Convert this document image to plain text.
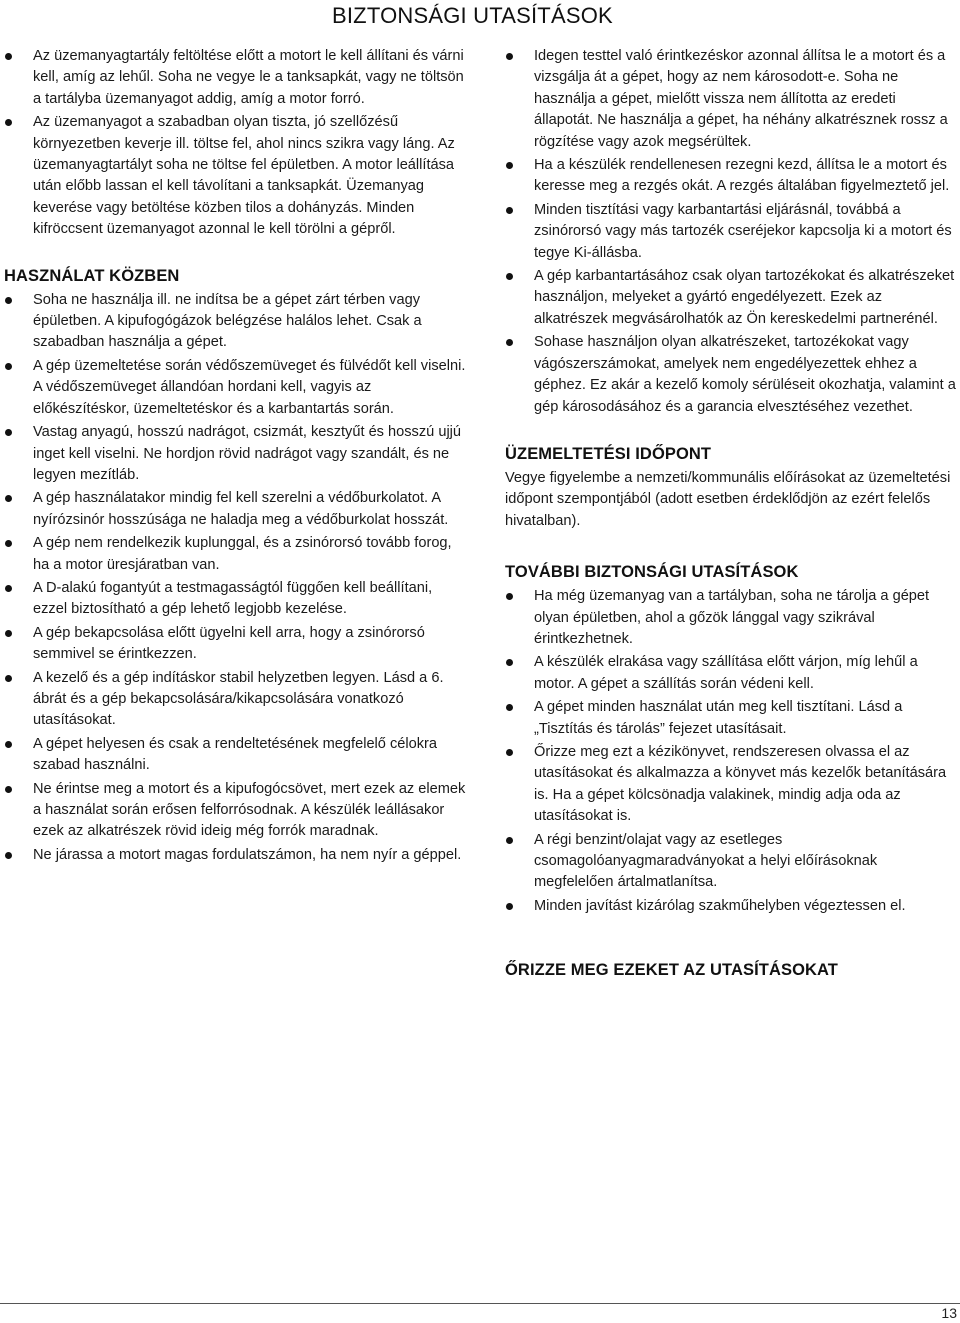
BIZTONSÁGI UTASÍTÁSOK
Az üzemanyagtartály feltöltése előtt a motort le kell állítani és várni kell, amíg az lehűl. Soha ne vegye le a tanksapkát, vagy ne töltsön a tartályba üzemanyagot addig, amíg a motor forró.
Az üzemanyagot a szabadban olyan tiszta, jó szellőzésű környezetben keverje ill. töltse fel, ahol nincs szikra vagy láng. Az üzemanyagtartályt soha ne töltse fel épületben. A motor leállítása után előbb lassan el kell távolítani a tanksapkát. Üzemanyag keverése vagy betöltése közben tilos a dohányzás. Minden kifröccsent üzemanyagot azonnal le kell törölni a gépről.
HASZNÁLAT KÖZBEN
Soha ne használja ill. ne indítsa be a gépet zárt térben vagy épületben. A kipufogógázok belégzése halálos lehet. Csak a szabadban használja a gépet.
A gép üzemeltetése során védőszemüveget és fülvédőt kell viselni. A védőszemüveget állandóan hordani kell, vagyis az előkészítéskor, üzemeltetéskor és a karbantartás során.
Vastag anyagú, hosszú nadrágot, csizmát, kesztyűt és hosszú ujjú inget kell viselni. Ne hordjon rövid nadrágot vagy szandált, és ne legyen mezítláb.
A gép használatakor mindig fel kell szerelni a védőburkolatot. A nyírózsinór hosszúsága ne haladja meg a védőburkolat hosszát.
A gép nem rendelkezik kuplunggal, és a zsinórorsó tovább forog, ha a motor üresjáratban van.
A D-alakú fogantyút a testmagasságtól függően kell beállítani, ezzel biztosítható a gép lehető legjobb kezelése.
A gép bekapcsolása előtt ügyelni kell arra, hogy a zsinórorsó semmivel se érintkezzen.
A kezelő és a gép indításkor stabil helyzetben legyen. Lásd a 6. ábrát és a gép bekapcsolására/kikapcsolására vonatkozó utasításokat.
A gépet helyesen és csak a rendeltetésének megfelelő célokra szabad használni.
Ne érintse meg a motort és a kipufogócsövet, mert ezek az elemek a használat során erősen felforrósodnak. A készülék leállásakor ezek az alkatrészek rövid ideig még forrók maradnak.
Ne járassa a motort magas fordulatszámon, ha nem nyír a géppel.
Idegen testtel való érintkezéskor azonnal állítsa le a motort és a vizsgálja át a gépet, hogy az nem károsodott-e. Soha ne használja a gépet, mielőtt vissza nem állította az eredeti állapotát. Ne használja a gépet, ha néhány alkatrésznek rossz a rögzítése vagy azok megsérültek.
Ha a készülék rendellenesen rezegni kezd, állítsa le a motort és keresse meg a rezgés okát. A rezgés általában figyelmeztető jel.
Minden tisztítási vagy karbantartási eljárásnál, továbbá a zsinórorsó vagy más tartozék cseréjekor kapcsolja ki a motort és tegye Ki-állásba.
A gép karbantartásához csak olyan tartozékokat és alkatrészeket használjon, melyeket a gyártó engedélyezett. Ezek az alkatrészek megvásárolhatók az Ön kereskedelmi partnerénél.
Sohase használjon olyan alkatrészeket, tartozékokat vagy vágószerszámokat, amelyek nem engedélyezettek ehhez a géphez. Ez akár a kezelő komoly sérüléseit okozhatja, valamint a gép károsodásához és a garancia elvesztéséhez vezethet.
ÜZEMELTETÉSI IDŐPONT

Vegye figyelembe a nemzeti/kommunális előírásokat az üzemeltetési időpont szempontjából (adott esetben érdeklődjön az ezért felelős hivatalban).

TOVÁBBI BIZTONSÁGI UTASÍTÁSOK
Ha még üzemanyag van a tartályban, soha ne tárolja a gépet olyan épületben, ahol a gőzök lánggal vagy szikrával érintkezhetnek.
A készülék elrakása vagy szállítása előtt várjon, míg lehűl a motor. A gépet a szállítás során védeni kell.
A gépet minden használat után meg kell tisztítani. Lásd a „Tisztítás és tárolás” fejezet utasításait.
Őrizze meg ezt a kézikönyvet, rendszeresen olvassa el az utasításokat és alkalmazza a könyvet más kezelők betanítására is. Ha a gépet kölcsönadja valakinek, mindig adja oda az utasításokat is.
A régi benzint/olajat vagy az esetleges csomagolóanyagmaradványokat a helyi előírásoknak megfelelően ártalmatlanítsa.
Minden javítást kizárólag szakműhelyben végeztessen el.
ŐRIZZE MEG EZEKET AZ UTASÍTÁSOKAT
13
